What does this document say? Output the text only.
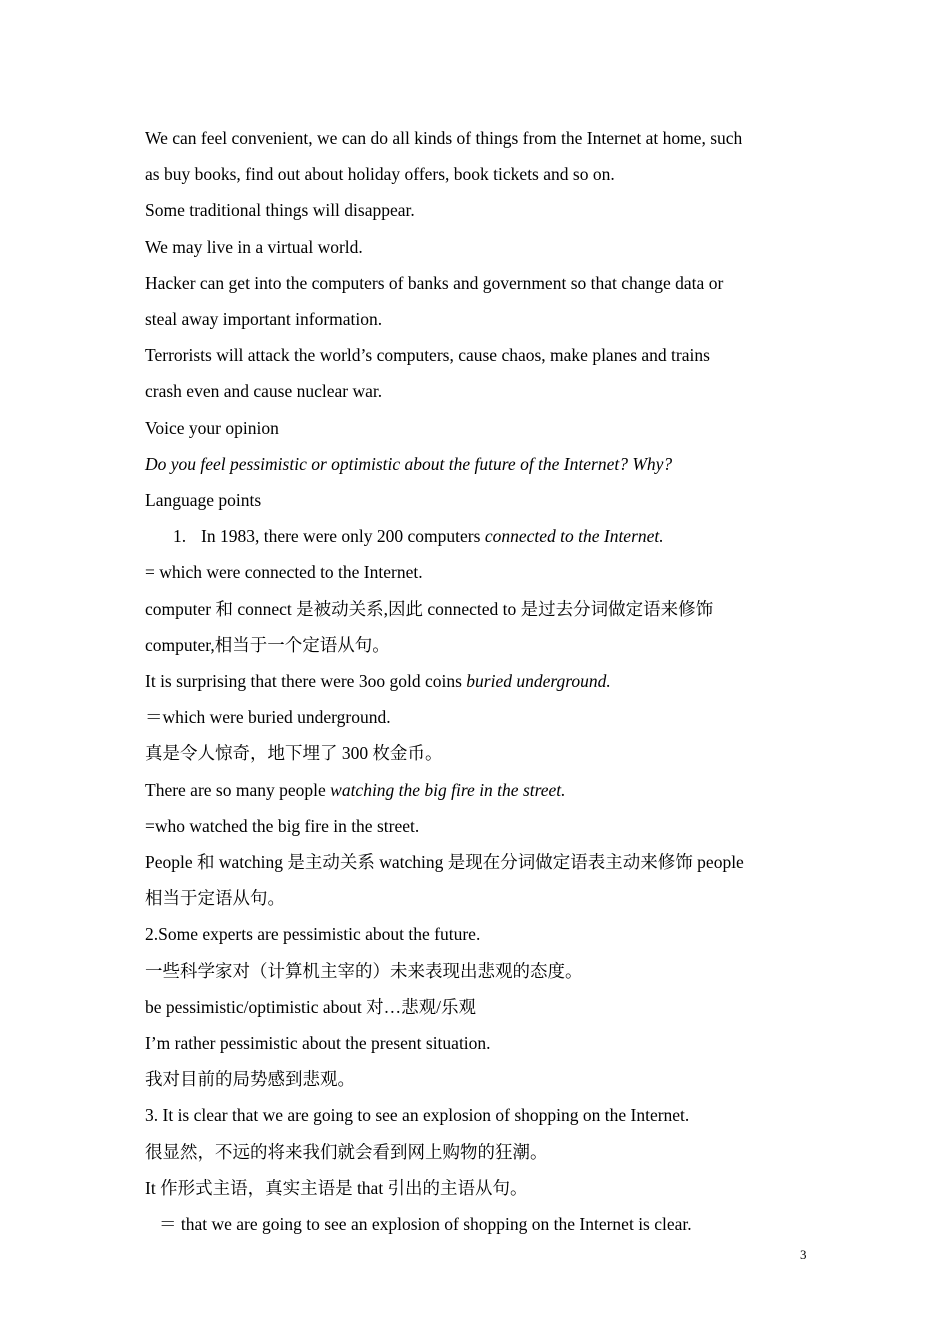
We can feel convenient, we can do all kinds of things from the Internet at home, such
as buy books, find out about holiday offers, book tickets and so on.
Some traditional things will disappear.
We may live in a virtual world.
Hacker can get into the computers of banks and government so that change data or
steal away important information.
Terrorists will attack the world’s computers, cause chaos, make planes and trains
crash even and cause nuclear war.
Voice your opinion
Do you feel pessimistic or optimistic about the future of the Internet? Why?
Language points
1. In 1983, there were only 200 computers connected to the Internet.
= which were connected to the Internet.
computer 和 connect 是被动关系,因此 connected to 是过去分词做定语来修饰
computer,相当于一个定语从句。
It is surprising that there were 3oo gold coins buried underground.
＝which were buried underground.
真是令人惊奇，地下埋了 300 枚金币。
There are so many people watching the big fire in the street.
=who watched the big fire in the street.
People 和 watching 是主动关系 watching 是现在分词做定语表主动来修饰 people
相当于定语从句。
2.Some experts are pessimistic about the future.
一些科学家对（计算机主宰的）未来表现出悲观的态度。
be pessimistic/optimistic about 对…悲观/乐观
I’m rather pessimistic about the present situation.
我对目前的局势感到悲观。
3. It is clear that we are going to see an explosion of shopping on the Internet.
很显然，不远的将来我们就会看到网上购物的狂潮。
It 作形式主语，真实主语是 that 引出的主语从句。
＝ that we are going to see an explosion of shopping on the Internet is clear.
3
